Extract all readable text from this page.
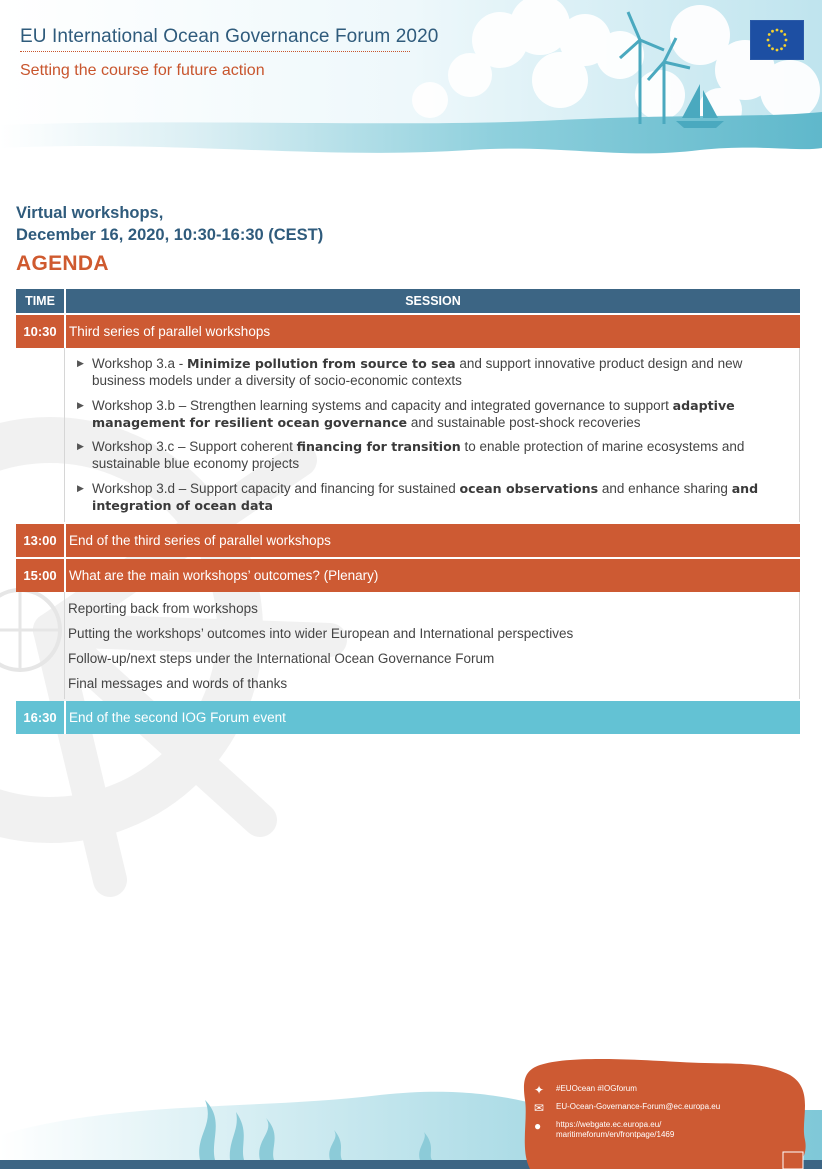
EU International Ocean Governance Forum 2020
Setting the course for future action
Virtual workshops,
December 16, 2020, 10:30-16:30 (CEST)
AGENDA
TIME	SESSION
10:30 Third series of parallel workshops
▶ Workshop 3.a - Minimize pollution from source to sea and support innovative product design and new business models under a diversity of socio-economic contexts
▶ Workshop 3.b – Strengthen learning systems and capacity and integrated governance to support adaptive management for resilient ocean governance and sustainable post-shock recoveries
▶ Workshop 3.c – Support coherent financing for transition to enable protection of marine ecosystems and sustainable blue economy projects
▶ Workshop 3.d – Support capacity and financing for sustained ocean observations and enhance sharing and integration of ocean data
13:00 End of the third series of parallel workshops
15:00 What are the main workshops’ outcomes? (Plenary)
Reporting back from workshops
Putting the workshops’ outcomes into wider European and International perspectives
Follow-up/next steps under the International Ocean Governance Forum
Final messages and words of thanks
16:30 End of the second IOG Forum event
✦ #EUOcean #IOGforum
✉ EU-Ocean-Governance-Forum@ec.europa.eu
● https://webgate.ec.europa.eu/
maritimeforum/en/frontpage/1469
